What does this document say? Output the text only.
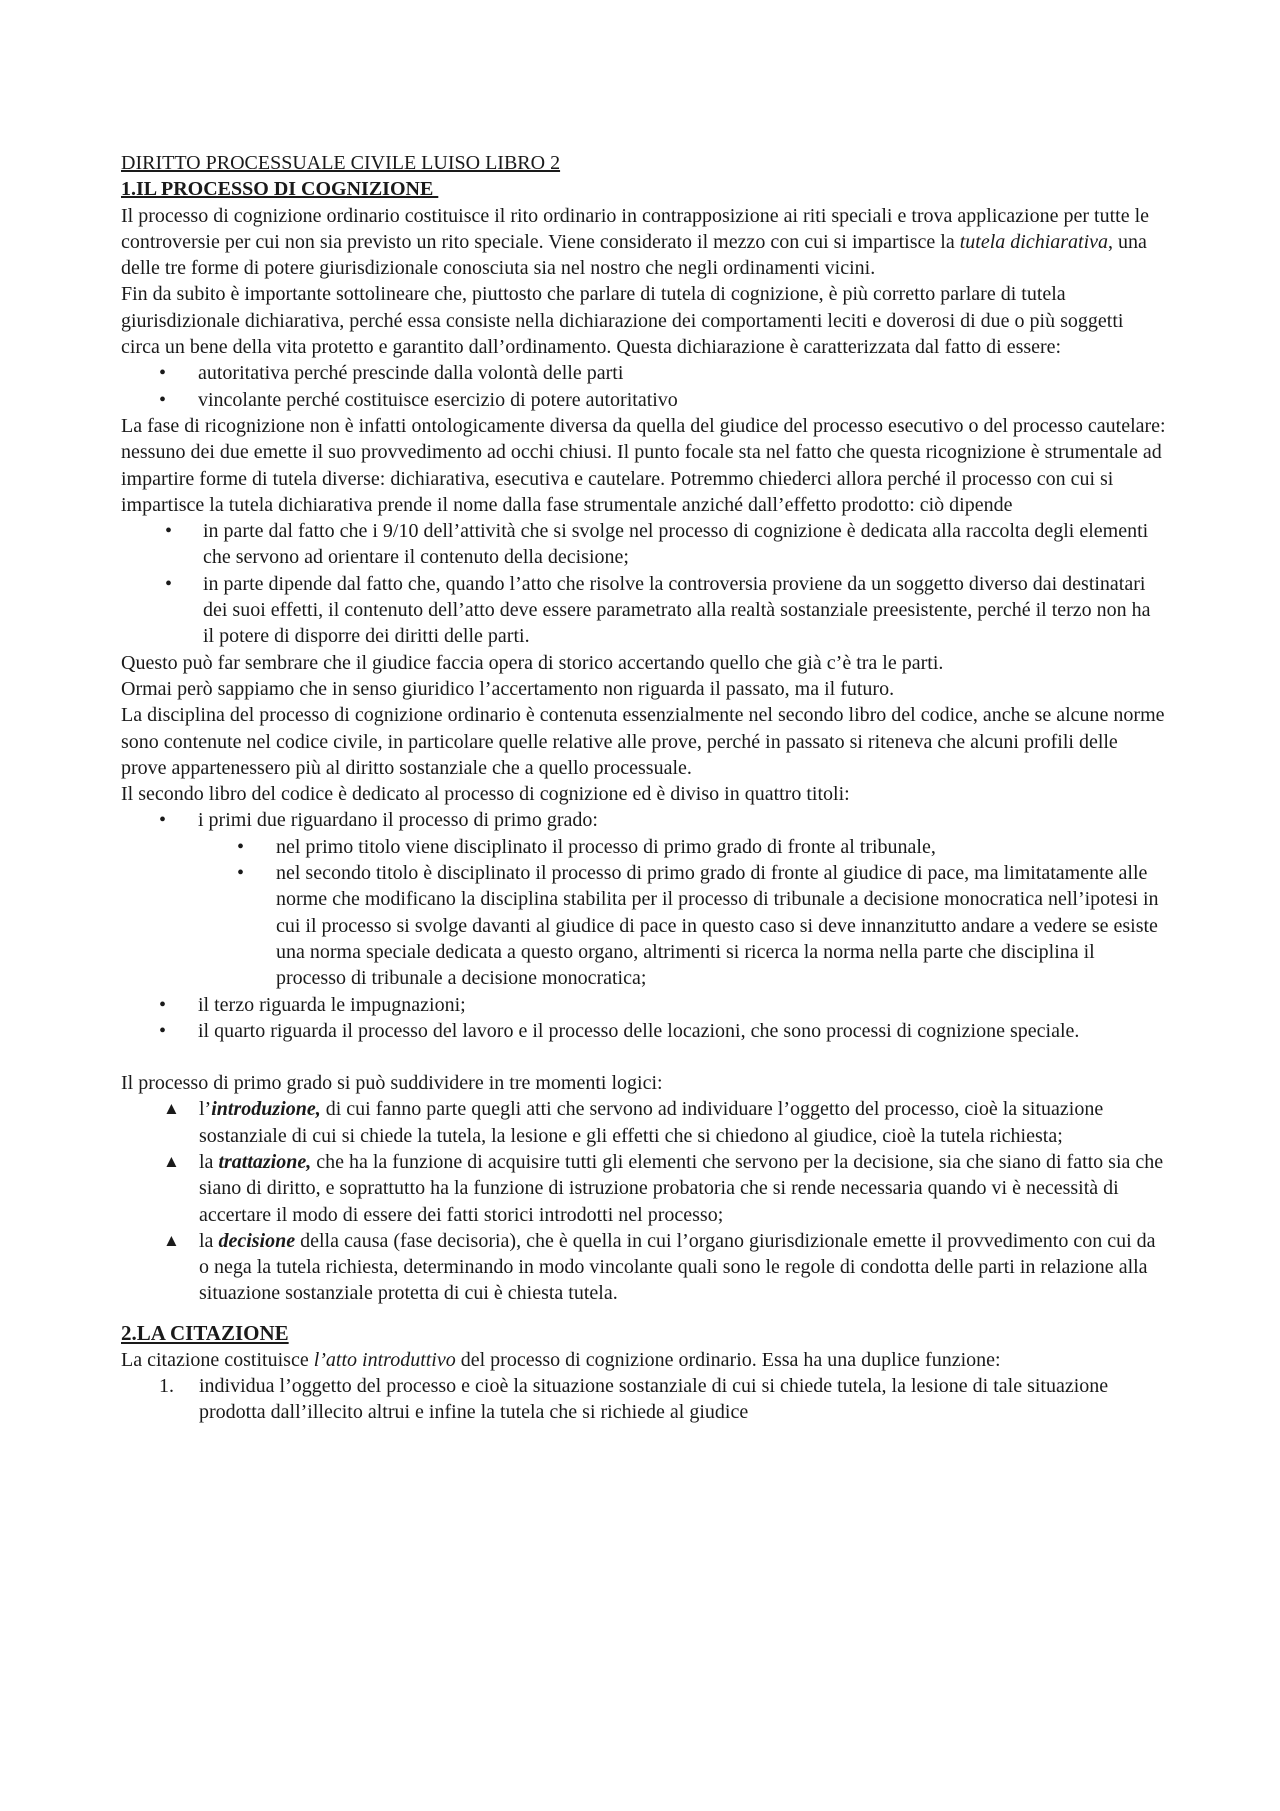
DIRITTO PROCESSUALE CIVILE LUISO LIBRO 2

1.IL PROCESSO DI COGNIZIONE

Il processo di cognizione ordinario costituisce il rito ordinario in contrapposizione ai riti speciali e trova applicazione per tutte le controversie per cui non sia previsto un rito speciale. Viene considerato il mezzo con cui si impartisce la tutela dichiarativa, una delle tre forme di potere giurisdizionale conosciuta sia nel nostro che negli ordinamenti vicini.

Fin da subito è importante sottolineare che, piuttosto che parlare di tutela di cognizione, è più corretto parlare di tutela giurisdizionale dichiarativa, perché essa consiste nella dichiarazione dei comportamenti leciti e doverosi di due o più soggetti circa un bene della vita protetto e garantito dall’ordinamento. Questa dichiarazione è caratterizzata dal fatto di essere:

• autoritativa perché prescinde dalla volontà delle parti
• vincolante perché costituisce esercizio di potere autoritativo

La fase di ricognizione non è infatti ontologicamente diversa da quella del giudice del processo esecutivo o del processo cautelare: nessuno dei due emette il suo provvedimento ad occhi chiusi. Il punto focale sta nel fatto che questa ricognizione è strumentale ad impartire forme di tutela diverse: dichiarativa, esecutiva e cautelare. Potremmo chiederci allora perché il processo con cui si impartisce la tutela dichiarativa prende il nome dalla fase strumentale anziché dall’effetto prodotto: ciò dipende

• in parte dal fatto che i 9/10 dell’attività che si svolge nel processo di cognizione è dedicata alla raccolta degli elementi che servono ad orientare il contenuto della decisione;
• in parte dipende dal fatto che, quando l’atto che risolve la controversia proviene da un soggetto diverso dai destinatari dei suoi effetti, il contenuto dell’atto deve essere parametrato alla realtà sostanziale preesistente, perché il terzo non ha il potere di disporre dei diritti delle parti.

Questo può far sembrare che il giudice faccia opera di storico accertando quello che già c’è tra le parti.

Ormai però sappiamo che in senso giuridico l’accertamento non riguarda il passato, ma il futuro.

La disciplina del processo di cognizione ordinario è contenuta essenzialmente nel secondo libro del codice, anche se alcune norme sono contenute nel codice civile, in particolare quelle relative alle prove, perché in passato si riteneva che alcuni profili delle prove appartenessero più al diritto sostanziale che a quello processuale.

Il secondo libro del codice è dedicato al processo di cognizione ed è diviso in quattro titoli:

• i primi due riguardano il processo di primo grado:
• nel primo titolo viene disciplinato il processo di primo grado di fronte al tribunale,
• nel secondo titolo è disciplinato il processo di primo grado di fronte al giudice di pace, ma limitatamente alle norme che modificano la disciplina stabilita per il processo di tribunale a decisione monocratica nell’ipotesi in cui il processo si svolge davanti al giudice di pace in questo caso si deve innanzitutto andare a vedere se esiste una norma speciale dedicata a questo organo, altrimenti si ricerca la norma nella parte che disciplina il processo di tribunale a decisione monocratica;
• il terzo riguarda le impugnazioni;
• il quarto riguarda il processo del lavoro e il processo delle locazioni, che sono processi di cognizione speciale.

Il processo di primo grado si può suddividere in tre momenti logici:

▲ l’introduzione, di cui fanno parte quegli atti che servono ad individuare l’oggetto del processo, cioè la situazione sostanziale di cui si chiede la tutela, la lesione e gli effetti che si chiedono al giudice, cioè la tutela richiesta;
▲ la trattazione, che ha la funzione di acquisire tutti gli elementi che servono per la decisione, sia che siano di fatto sia che siano di diritto, e soprattutto ha la funzione di istruzione probatoria che si rende necessaria quando vi è necessità di accertare il modo di essere dei fatti storici introdotti nel processo;
▲ la decisione della causa (fase decisoria), che è quella in cui l’organo giurisdizionale emette il provvedimento con cui da o nega la tutela richiesta, determinando in modo vincolante quali sono le regole di condotta delle parti in relazione alla situazione sostanziale protetta di cui è chiesta tutela.
2.LA CITAZIONE

La citazione costituisce l’atto introduttivo del processo di cognizione ordinario. Essa ha una duplice funzione:

1. individua l’oggetto del processo e cioè la situazione sostanziale di cui si chiede tutela, la lesione di tale situazione prodotta dall’illecito altrui e infine la tutela che si richiede al giudice
